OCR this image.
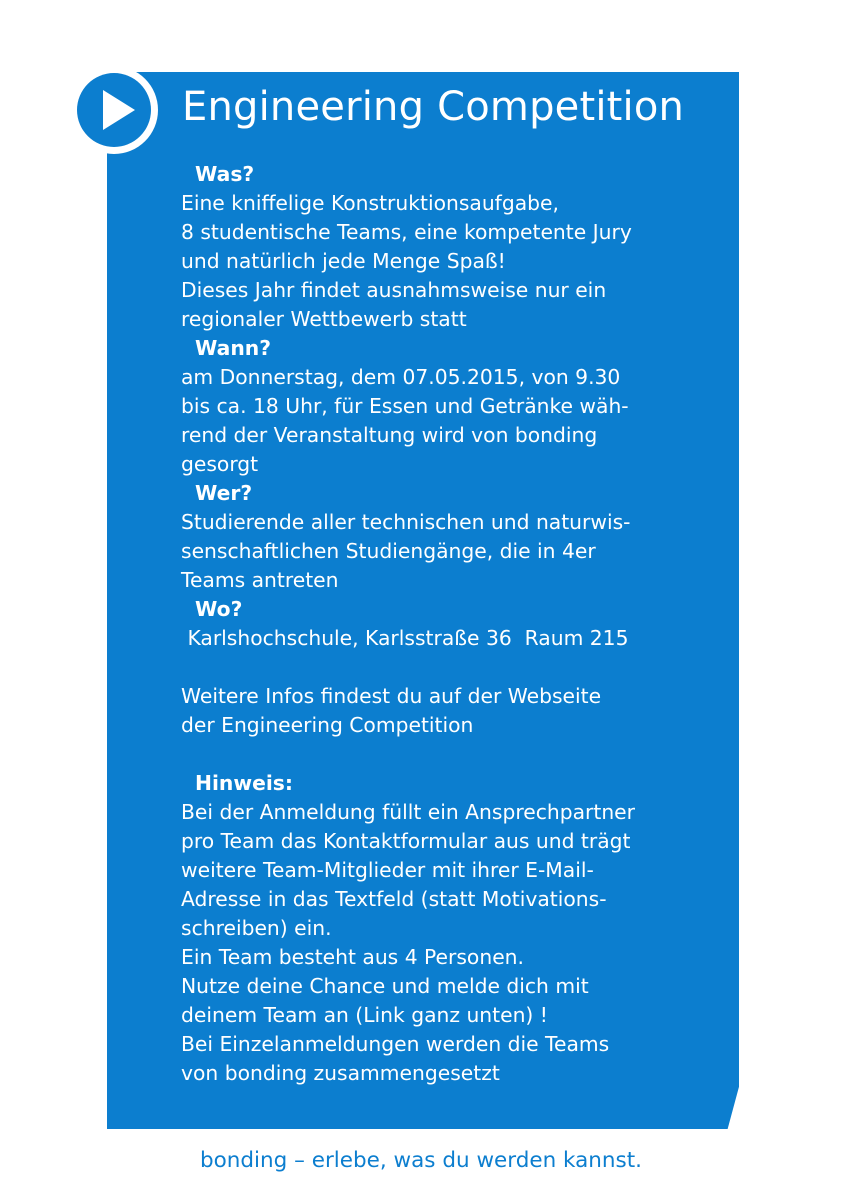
Engineering Competition
Was?
Eine kniffelige Konstruktionsaufgabe,
8 studentische Teams, eine kompetente Jury
und natürlich jede Menge Spaß!
Dieses Jahr findet ausnahmsweise nur ein
regionaler Wettbewerb statt
Wann?
am Donnerstag, dem 07.05.2015, von 9.30
bis ca. 18 Uhr, für Essen und Getränke wäh-
rend der Veranstaltung wird von bonding
gesorgt
Wer?
Studierende aller technischen und naturwis-
senschaftlichen Studiengänge, die in 4er
Teams antreten
Wo?
Karlshochschule, Karlsstraße 36  Raum 215
Weitere Infos findest du auf der Webseite
der Engineering Competition
Hinweis:
Bei der Anmeldung füllt ein Ansprechpartner
pro Team das Kontaktformular aus und trägt
weitere Team-Mitglieder mit ihrer E-Mail-
Adresse in das Textfeld (statt Motivations-
schreiben) ein.
Ein Team besteht aus 4 Personen.
Nutze deine Chance und melde dich mit
deinem Team an (Link ganz unten) !
Bei Einzelanmeldungen werden die Teams
von bonding zusammengesetzt
bonding – erlebe, was du werden kannst.
